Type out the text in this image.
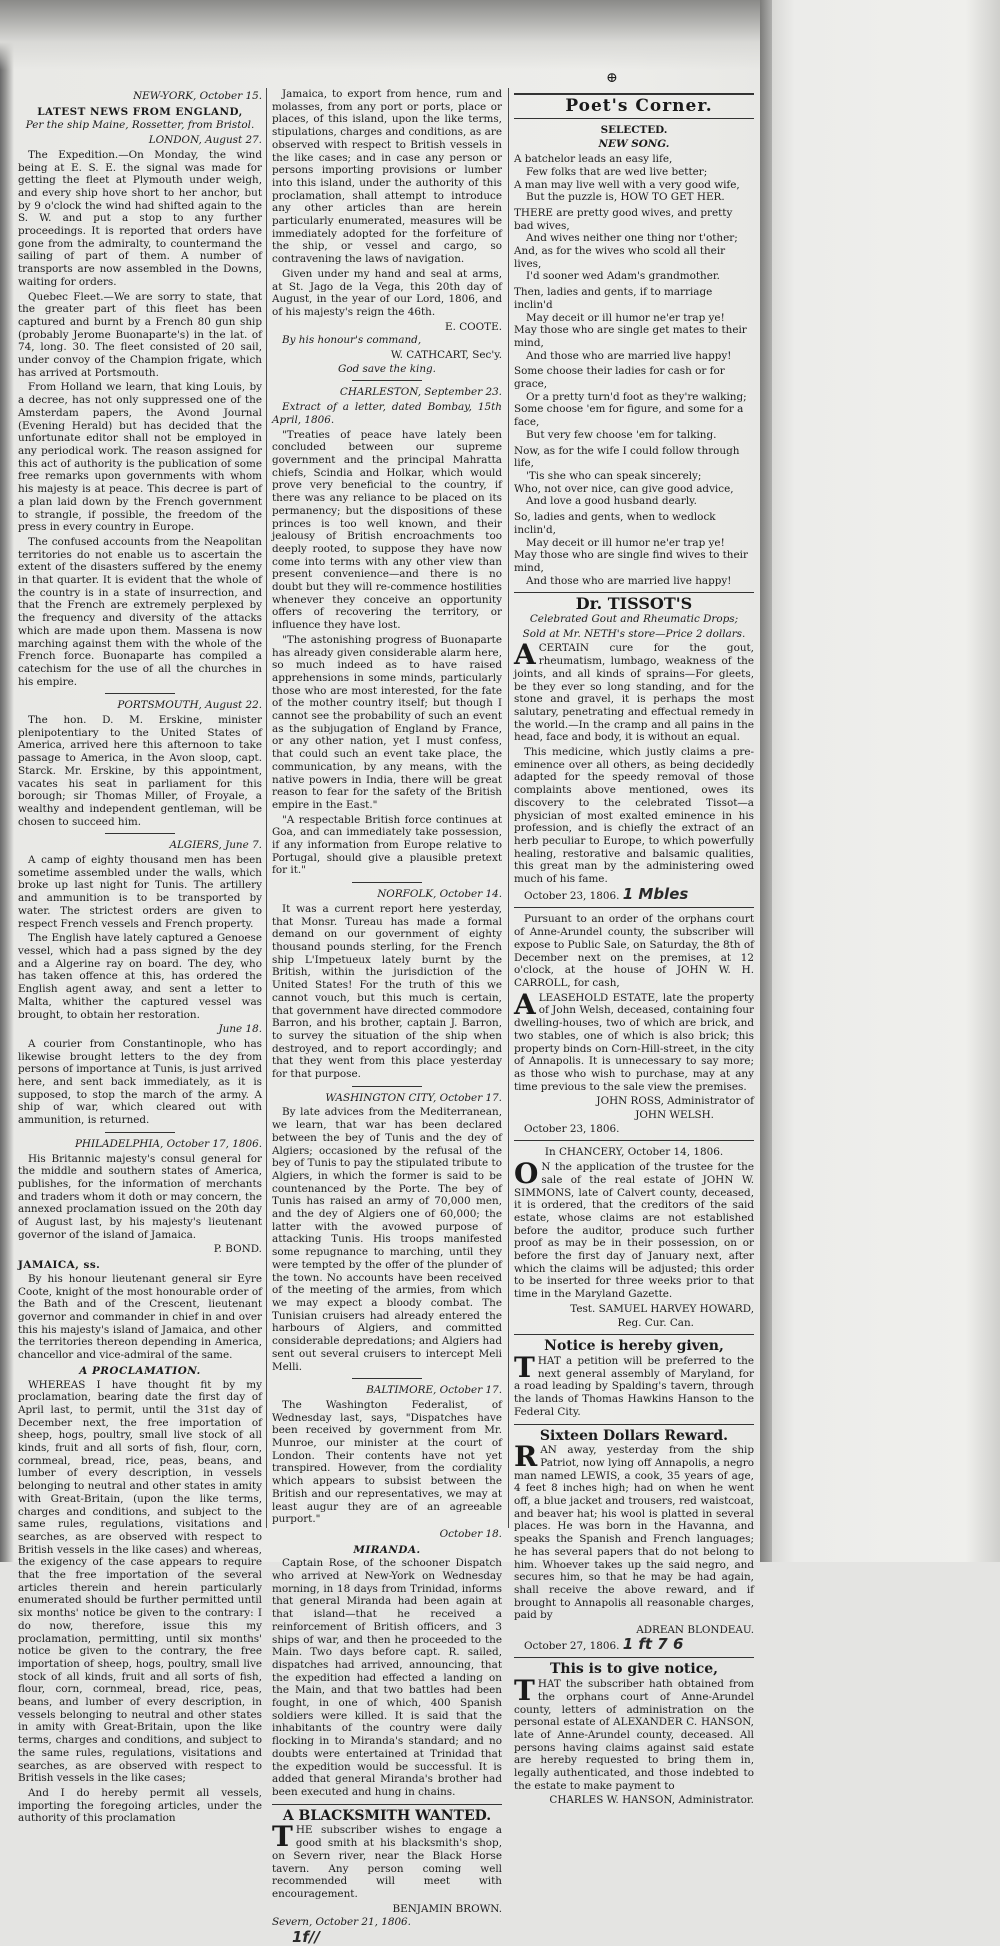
⊕

NEW-YORK, October 15.

LATEST NEWS FROM ENGLAND,

Per the ship Maine, Rossetter, from Bristol.

LONDON, August 27.

The Expedition.—On Monday, the wind being at E. S. E. the signal was made for getting the fleet at Plymouth under weigh, and every ship hove short to her anchor, but by 9 o'clock the wind had shifted again to the S. W. and put a stop to any further proceedings. It is reported that orders have gone from the admiralty, to countermand the sailing of part of them. A number of transports are now assembled in the Downs, waiting for orders.

Quebec Fleet.—We are sorry to state, that the greater part of this fleet has been captured and burnt by a French 80 gun ship (probably Jerome Buonaparte's) in the lat. of 74, long. 30. The fleet consisted of 20 sail, under convoy of the Champion frigate, which has arrived at Portsmouth.

From Holland we learn, that king Louis, by a decree, has not only suppressed one of the Amsterdam papers, the Avond Journal (Evening Herald) but has decided that the unfortunate editor shall not be employed in any periodical work. The reason assigned for this act of authority is the publication of some free remarks upon governments with whom his majesty is at peace. This decree is part of a plan laid down by the French government to strangle, if possible, the freedom of the press in every country in Europe.

The confused accounts from the Neapolitan territories do not enable us to ascertain the extent of the disasters suffered by the enemy in that quarter. It is evident that the whole of the country is in a state of insurrection, and that the French are extremely perplexed by the frequency and diversity of the attacks which are made upon them. Massena is now marching against them with the whole of the French force. Buonaparte has compiled a catechism for the use of all the churches in his empire.

PORTSMOUTH, August 22.

The hon. D. M. Erskine, minister plenipotentiary to the United States of America, arrived here this afternoon to take passage to America, in the Avon sloop, capt. Starck. Mr. Erskine, by this appointment, vacates his seat in parliament for this borough; sir Thomas Miller, of Froyale, a wealthy and independent gentleman, will be chosen to succeed him.

ALGIERS, June 7.

A camp of eighty thousand men has been sometime assembled under the walls, which broke up last night for Tunis. The artillery and ammunition is to be transported by water. The strictest orders are given to respect French vessels and French property.

The English have lately captured a Genoese vessel, which had a pass signed by the dey and a Algerine ray on board. The dey, who has taken offence at this, has ordered the English agent away, and sent a letter to Malta, whither the captured vessel was brought, to obtain her restoration.

June 18.

A courier from Constantinople, who has likewise brought letters to the dey from persons of importance at Tunis, is just arrived here, and sent back immediately, as it is supposed, to stop the march of the army. A ship of war, which cleared out with ammunition, is returned.

PHILADELPHIA, October 17, 1806.

His Britannic majesty's consul general for the middle and southern states of America, publishes, for the information of merchants and traders whom it doth or may concern, the annexed proclamation issued on the 20th day of August last, by his majesty's lieutenant governor of the island of Jamaica.

P. BOND.

JAMAICA, ss.

By his honour lieutenant general sir Eyre Coote, knight of the most honourable order of the Bath and of the Crescent, lieutenant governor and commander in chief in and over this his majesty's island of Jamaica, and other the territories thereon depending in America, chancellor and vice-admiral of the same.

A PROCLAMATION.

WHEREAS I have thought fit by my proclamation, bearing date the first day of April last, to permit, until the 31st day of December next, the free importation of sheep, hogs, poultry, small live stock of all kinds, fruit and all sorts of fish, flour, corn, cornmeal, bread, rice, peas, beans, and lumber of every description, in vessels belonging to neutral and other states in amity with Great-Britain, (upon the like terms, charges and conditions, and subject to the same rules, regulations, visitations and searches, as are observed with respect to British vessels in the like cases) and whereas, the exigency of the case appears to require that the free importation of the several articles therein and herein particularly enumerated should be further permitted until six months' notice be given to the contrary: I do now, therefore, issue this my proclamation, permitting, until six months' notice be given to the contrary, the free importation of sheep, hogs, poultry, small live stock of all kinds, fruit and all sorts of fish, flour, corn, cornmeal, bread, rice, peas, beans, and lumber of every description, in vessels belonging to neutral and other states in amity with Great-Britain, upon the like terms, charges and conditions, and subject to the same rules, regulations, visitations and searches, as are observed with respect to British vessels in the like cases;

And I do hereby permit all vessels, importing the foregoing articles, under the authority of this proclamation

Jamaica, to export from hence, rum and molasses, from any port or ports, place or places, of this island, upon the like terms, stipulations, charges and conditions, as are observed with respect to British vessels in the like cases; and in case any person or persons importing provisions or lumber into this island, under the authority of this proclamation, shall attempt to introduce any other articles than are herein particularly enumerated, measures will be immediately adopted for the forfeiture of the ship, or vessel and cargo, so contravening the laws of navigation.

Given under my hand and seal at arms, at St. Jago de la Vega, this 20th day of August, in the year of our Lord, 1806, and of his majesty's reign the 46th.

E. COOTE.

By his honour's command,

W. CATHCART, Sec'y.

God save the king.

CHARLESTON, September 23.

Extract of a letter, dated Bombay, 15th April, 1806.

"Treaties of peace have lately been concluded between our supreme government and the principal Mahratta chiefs, Scindia and Holkar, which would prove very beneficial to the country, if there was any reliance to be placed on its permanency; but the dispositions of these princes is too well known, and their jealousy of British encroachments too deeply rooted, to suppose they have now come into terms with any other view than present convenience—and there is no doubt but they will re-commence hostilities whenever they conceive an opportunity offers of recovering the territory, or influence they have lost.

"The astonishing progress of Buonaparte has already given considerable alarm here, so much indeed as to have raised apprehensions in some minds, particularly those who are most interested, for the fate of the mother country itself; but though I cannot see the probability of such an event as the subjugation of England by France, or any other nation, yet I must confess, that could such an event take place, the communication, by any means, with the native powers in India, there will be great reason to fear for the safety of the British empire in the East."

"A respectable British force continues at Goa, and can immediately take possession, if any information from Europe relative to Portugal, should give a plausible pretext for it."

NORFOLK, October 14.

It was a current report here yesterday, that Monsr. Tureau has made a formal demand on our government of eighty thousand pounds sterling, for the French ship L'Impetueux lately burnt by the British, within the jurisdiction of the United States! For the truth of this we cannot vouch, but this much is certain, that government have directed commodore Barron, and his brother, captain J. Barron, to survey the situation of the ship when destroyed, and to report accordingly; and that they went from this place yesterday for that purpose.

WASHINGTON CITY, October 17.

By late advices from the Mediterranean, we learn, that war has been declared between the bey of Tunis and the dey of Algiers; occasioned by the refusal of the bey of Tunis to pay the stipulated tribute to Algiers, in which the former is said to be countenanced by the Porte. The bey of Tunis has raised an army of 70,000 men, and the dey of Algiers one of 60,000; the latter with the avowed purpose of attacking Tunis. His troops manifested some repugnance to marching, until they were tempted by the offer of the plunder of the town. No accounts have been received of the meeting of the armies, from which we may expect a bloody combat. The Tunisian cruisers had already entered the harbours of Algiers, and committed considerable depredations; and Algiers had sent out several cruisers to intercept Meli Melli.

BALTIMORE, October 17.

The Washington Federalist, of Wednesday last, says, "Dispatches have been received by government from Mr. Munroe, our minister at the court of London. Their contents have not yet transpired. However, from the cordiality which appears to subsist between the British and our representatives, we may at least augur they are of an agreeable purport."

October 18.

MIRANDA.

Captain Rose, of the schooner Dispatch who arrived at New-York on Wednesday morning, in 18 days from Trinidad, informs that general Miranda had been again at that island—that he received a reinforcement of British officers, and 3 ships of war, and then he proceeded to the Main. Two days before capt. R. sailed, dispatches had arrived, announcing, that the expedition had effected a landing on the Main, and that two battles had been fought, in one of which, 400 Spanish soldiers were killed. It is said that the inhabitants of the country were daily flocking in to Miranda's standard; and no doubts were entertained at Trinidad that the expedition would be successful. It is added that general Miranda's brother had been executed and hung in chains.

A BLACKSMITH WANTED.

THE subscriber wishes to engage a good smith at his blacksmith's shop, on Severn river, near the Black Horse tavern. Any person coming well recommended will meet with encouragement.

BENJAMIN BROWN.

Severn, October 21, 1806.

1f//

Poet's Corner.

SELECTED.

NEW SONG.

A batchelor leads an easy life,

Few folks that are wed live better;

A man may live well with a very good wife,

But the puzzle is, HOW TO GET HER.

THERE are pretty good wives, and pretty bad wives,

And wives neither one thing nor t'other;

And, as for the wives who scold all their lives,

I'd sooner wed Adam's grandmother.

Then, ladies and gents, if to marriage inclin'd

May deceit or ill humor ne'er trap ye!

May those who are single get mates to their mind,

And those who are married live happy!

Some choose their ladies for cash or for grace,

Or a pretty turn'd foot as they're walking;

Some choose 'em for figure, and some for a face,

But very few choose 'em for talking.

Now, as for the wife I could follow through life,

'Tis she who can speak sincerely;

Who, not over nice, can give good advice,

And love a good husband dearly.

So, ladies and gents, when to wedlock inclin'd,

May deceit or ill humor ne'er trap ye!

May those who are single find wives to their mind,

And those who are married live happy!

Dr. TISSOT'S

Celebrated Gout and Rheumatic Drops;

Sold at Mr. NETH's store—Price 2 dollars.

ACERTAIN cure for the gout, rheumatism, lumbago, weakness of the joints, and all kinds of sprains—For gleets, be they ever so long standing, and for the stone and gravel, it is perhaps the most salutary, penetrating and effectual remedy in the world.—In the cramp and all pains in the head, face and body, it is without an equal.

This medicine, which justly claims a pre-eminence over all others, as being decidedly adapted for the speedy removal of those complaints above mentioned, owes its discovery to the celebrated Tissot—a physician of most exalted eminence in his profession, and is chiefly the extract of an herb peculiar to Europe, to which powerfully healing, restorative and balsamic qualities, this great man by the administering owed much of his fame.

October 23, 1806. 1 Mbles

Pursuant to an order of the orphans court of Anne-Arundel county, the subscriber will expose to Public Sale, on Saturday, the 8th of December next on the premises, at 12 o'clock, at the house of JOHN W. H. CARROLL, for cash,

ALEASEHOLD ESTATE, late the property of John Welsh, deceased, containing four dwelling-houses, two of which are brick, and two stables, one of which is also brick; this property binds on Corn-Hill-street, in the city of Annapolis. It is unnecessary to say more; as those who wish to purchase, may at any time previous to the sale view the premises.

JOHN ROSS, Administrator of

JOHN WELSH.

October 23, 1806.

In CHANCERY, October 14, 1806.

O N the application of the trustee for the sale of the real estate of JOHN W. SIMMONS, late of Calvert county, deceased, it is ordered, that the creditors of the said estate, whose claims are not established before the auditor, produce such further proof as may be in their possession, on or before the first day of January next, after which the claims will be adjusted; this order to be inserted for three weeks prior to that time in the Maryland Gazette.

Test. SAMUEL HARVEY HOWARD,

Reg. Cur. Can.

Notice is hereby given,

THAT a petition will be preferred to the next general assembly of Maryland, for a road leading by Spalding's tavern, through the lands of Thomas Hawkins Hanson to the Federal City.

Sixteen Dollars Reward.

RAN away, yesterday from the ship Patriot, now lying off Annapolis, a negro man named LEWIS, a cook, 35 years of age, 4 feet 8 inches high; had on when he went off, a blue jacket and trousers, red waistcoat, and beaver hat; his wool is platted in several places. He was born in the Havanna, and speaks the Spanish and French languages; he has several papers that do not belong to him. Whoever takes up the said negro, and secures him, so that he may be had again, shall receive the above reward, and if brought to Annapolis all reasonable charges, paid by

ADREAN BLONDEAU.

October 27, 1806. 1 ft 7 6

This is to give notice,

THAT the subscriber hath obtained from the orphans court of Anne-Arundel county, letters of administration on the personal estate of ALEXANDER C. HANSON, late of Anne-Arundel county, deceased. All persons having claims against said estate are hereby requested to bring them in, legally authenticated, and those indebted to the estate to make payment to

CHARLES W. HANSON, Administrator.
